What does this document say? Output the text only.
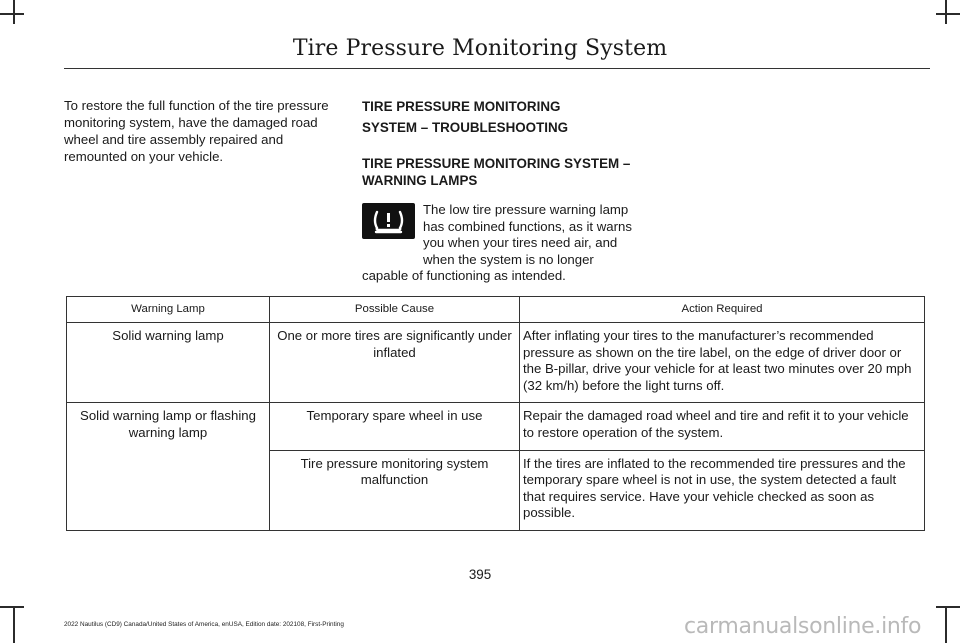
Tire Pressure Monitoring System

To restore the full function of the tire pressure monitoring system, have the damaged road wheel and tire assembly repaired and remounted on your vehicle.

TIRE PRESSURE MONITORING
SYSTEM – TROUBLESHOOTING
TIRE PRESSURE MONITORING SYSTEM – WARNING LAMPS
The low tire pressure warning lamp has combined functions, as it warns you when your tires need air, and when the system is no longer capable of functioning as intended.
Warning Lamp	Possible Cause	Action Required
Solid warning lamp	One or more tires are significantly under inflated	After inflating your tires to the manufacturer’s recommended pressure as shown on the tire label, on the edge of driver door or the B-pillar, drive your vehicle for at least two minutes over 20 mph (32 km/h) before the light turns off.
Solid warning lamp or flashing warning lamp	Temporary spare wheel in use	Repair the damaged road wheel and tire and refit it to your vehicle to restore operation of the system.
	Tire pressure monitoring system malfunction	If the tires are inflated to the recommended tire pressures and the temporary spare wheel is not in use, the system detected a fault that requires service. Have your vehicle checked as soon as possible.
395
2022 Nautilus (CD9) Canada/United States of America, enUSA, Edition date: 202108, First-Printing	carmanualsonline.info
